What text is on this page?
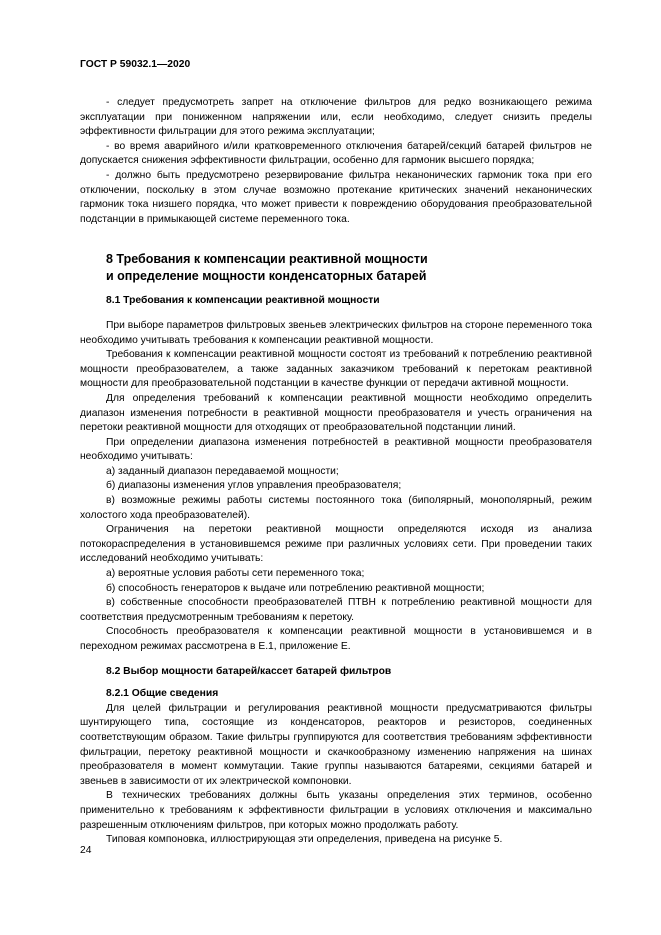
ГОСТ Р 59032.1—2020

- следует предусмотреть запрет на отключение фильтров для редко возникающего режима эксплуатации при пониженном напряжении или, если необходимо, следует снизить пределы эффективности фильтрации для этого режима эксплуатации;

- во время аварийного и/или кратковременного отключения батарей/секций батарей фильтров не допускается снижения эффективности фильтрации, особенно для гармоник высшего порядка;

- должно быть предусмотрено резервирование фильтра неканонических гармоник тока при его отключении, поскольку в этом случае возможно протекание критических значений неканонических гармоник тока низшего порядка, что может привести к повреждению оборудования преобразовательной подстанции в примыкающей системе переменного тока.

8 Требования к компенсации реактивной мощности

и определение мощности конденсаторных батарей

8.1 Требования к компенсации реактивной мощности

При выборе параметров фильтровых звеньев электрических фильтров на стороне переменного тока необходимо учитывать требования к компенсации реактивной мощности.

Требования к компенсации реактивной мощности состоят из требований к потреблению реактивной мощности преобразователем, а также заданных заказчиком требований к перетокам реактивной мощности для преобразовательной подстанции в качестве функции от передачи активной мощности.

Для определения требований к компенсации реактивной мощности необходимо определить диапазон изменения потребности в реактивной мощности преобразователя и учесть ограничения на перетоки реактивной мощности для отходящих от преобразовательной подстанции линий.

При определении диапазона изменения потребностей в реактивной мощности преобразователя необходимо учитывать:

а) заданный диапазон передаваемой мощности;

б) диапазоны изменения углов управления преобразователя;

в) возможные режимы работы системы постоянного тока (биполярный, монополярный, режим холостого хода преобразователей).

Ограничения на перетоки реактивной мощности определяются исходя из анализа потокораспределения в установившемся режиме при различных условиях сети. При проведении таких исследований необходимо учитывать:

а) вероятные условия работы сети переменного тока;

б) способность генераторов к выдаче или потреблению реактивной мощности;

в) собственные способности преобразователей ПТВН к потреблению реактивной мощности для соответствия предусмотренным требованиям к перетоку.

Способность преобразователя к компенсации реактивной мощности в установившемся и в переходном режимах рассмотрена в Е.1, приложение Е.

8.2 Выбор мощности батарей/кассет батарей фильтров

8.2.1 Общие сведения

Для целей фильтрации и регулирования реактивной мощности предусматриваются фильтры шунтирующего типа, состоящие из конденсаторов, реакторов и резисторов, соединенных соответствующим образом. Такие фильтры группируются для соответствия требованиям эффективности фильтрации, перетоку реактивной мощности и скачкообразному изменению напряжения на шинах преобразователя в момент коммутации. Такие группы называются батареями, секциями батарей и звеньев в зависимости от их электрической компоновки.

В технических требованиях должны быть указаны определения этих терминов, особенно применительно к требованиям к эффективности фильтрации в условиях отключения и максимально разрешенным отключениям фильтров, при которых можно продолжать работу.

Типовая компоновка, иллюстрирующая эти определения, приведена на рисунке 5.

24
